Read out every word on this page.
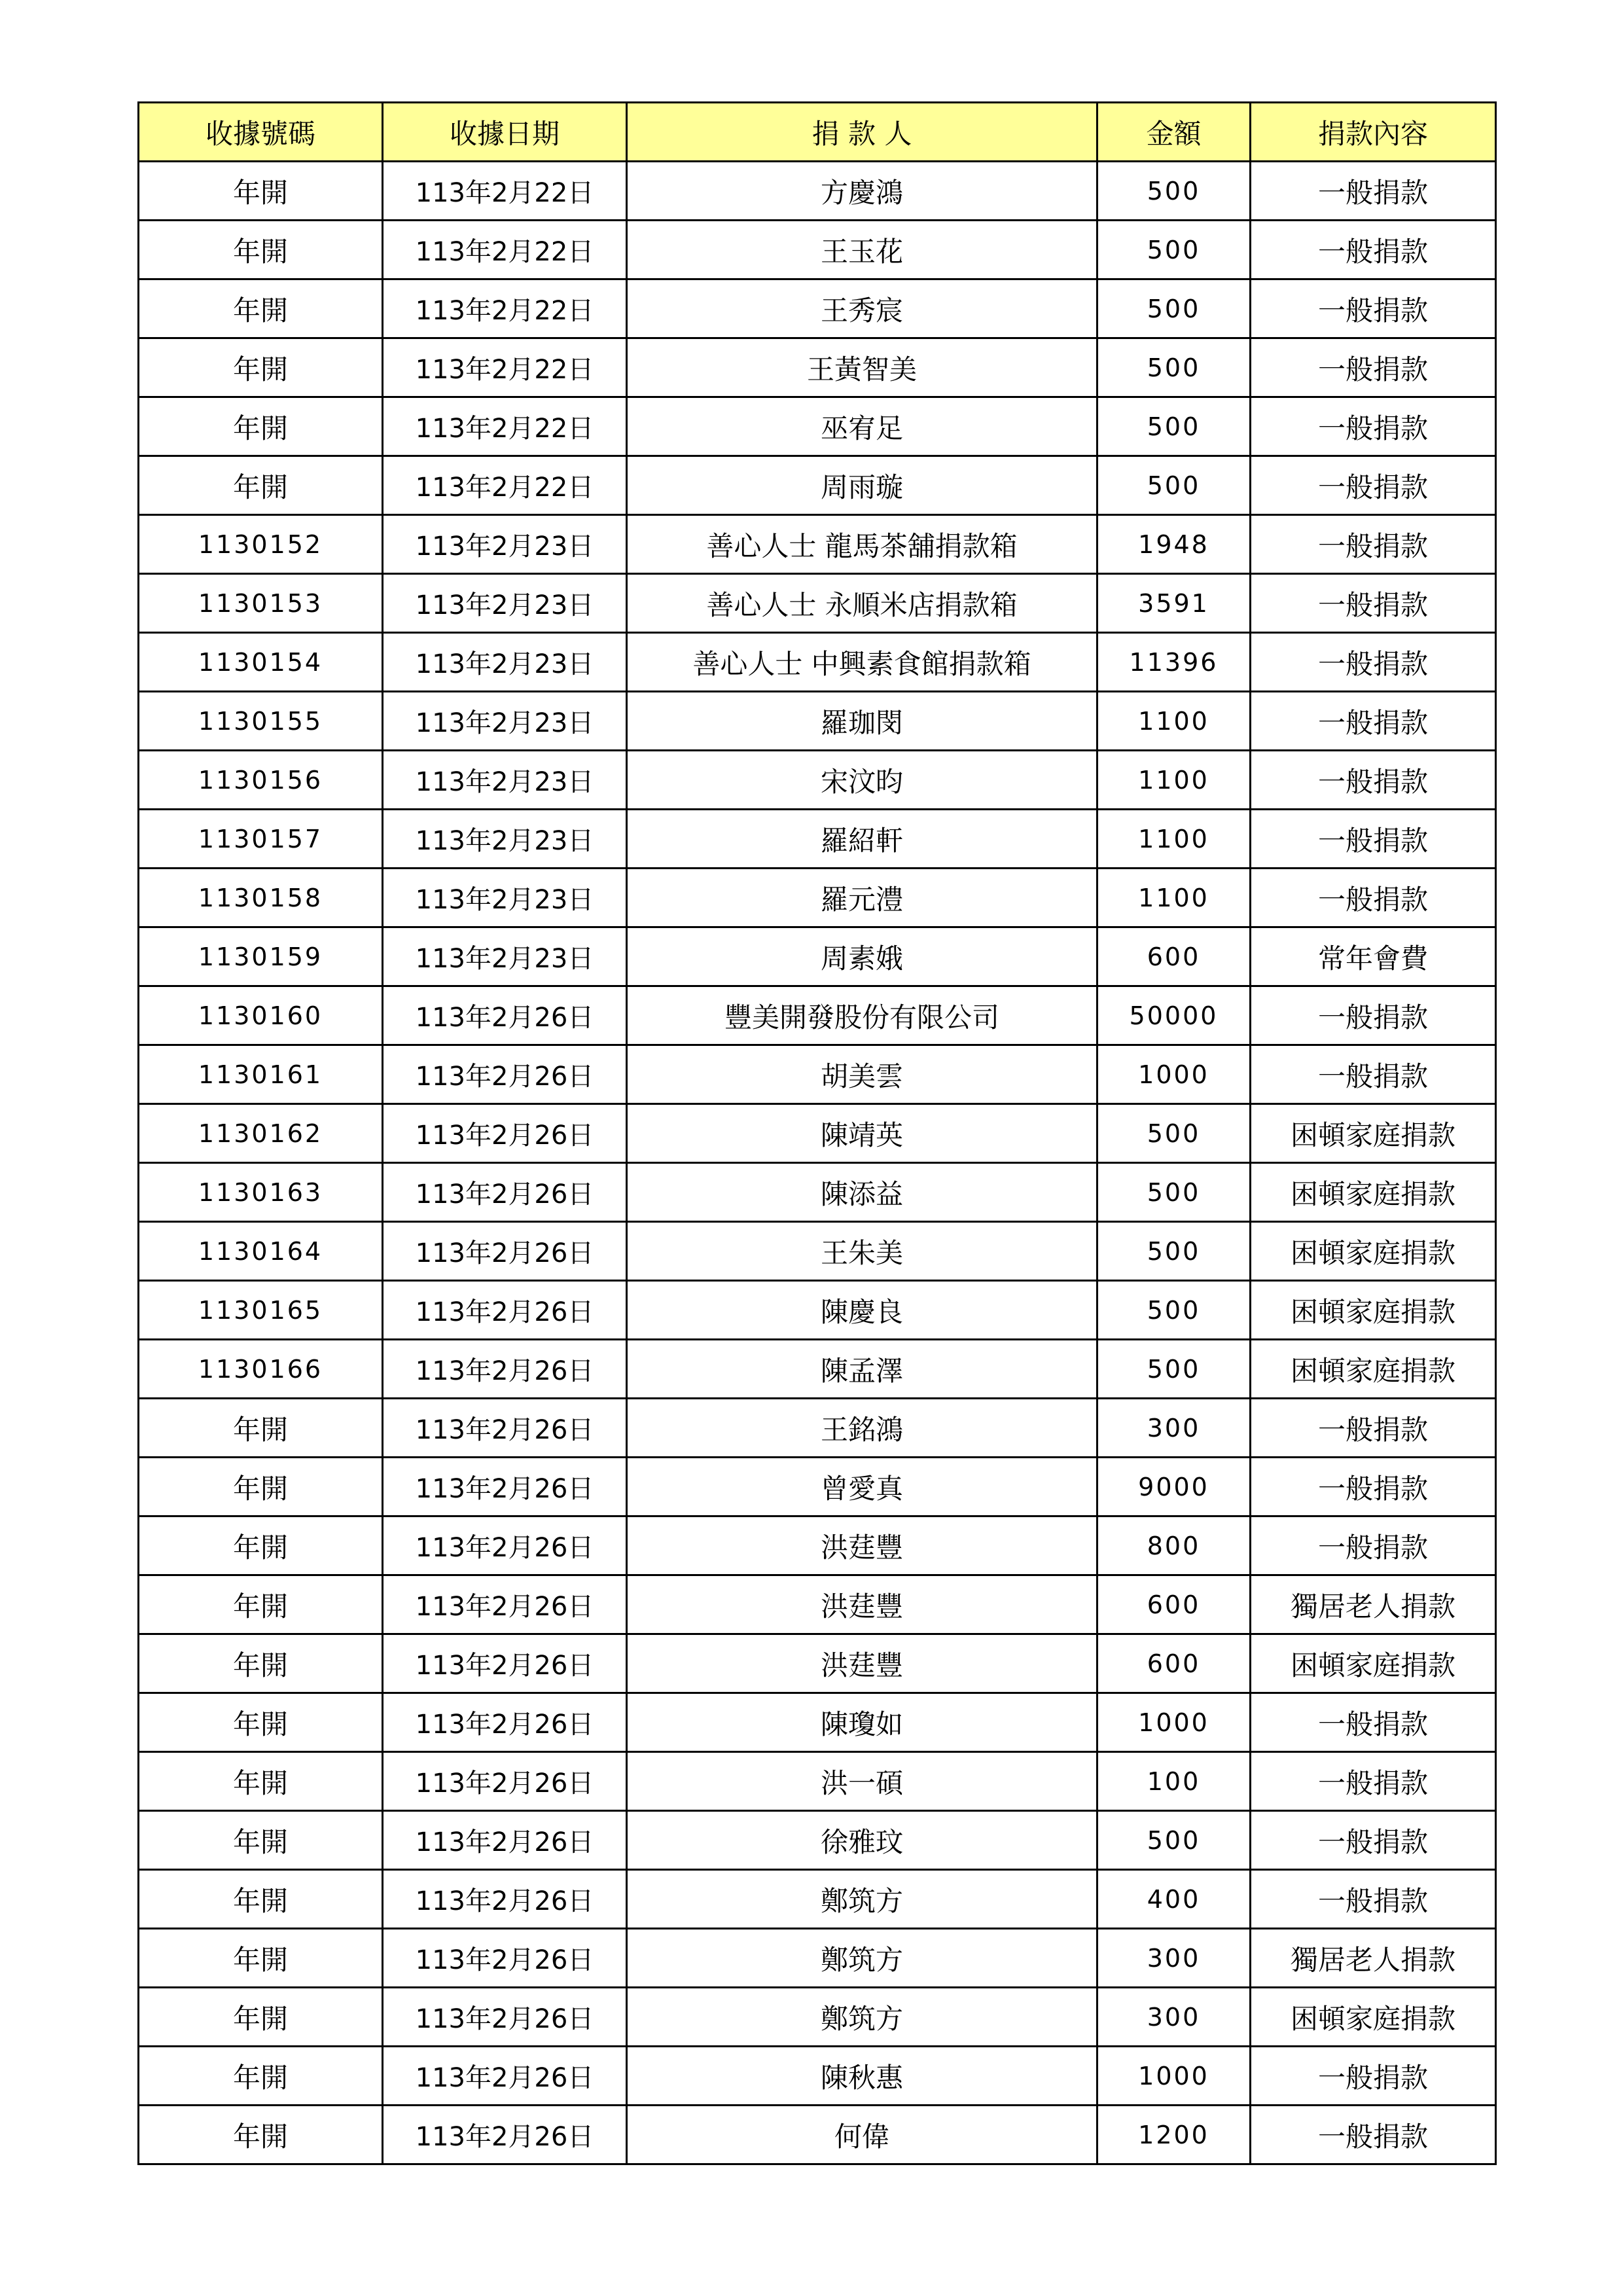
收據號碼	收據日期	捐 款 人	金額	捐款內容
年開	113年2月22日	方慶鴻	500	一般捐款
年開	113年2月22日	王玉花	500	一般捐款
年開	113年2月22日	王秀宸	500	一般捐款
年開	113年2月22日	王黃智美	500	一般捐款
年開	113年2月22日	巫宥足	500	一般捐款
年開	113年2月22日	周雨璇	500	一般捐款
1130152	113年2月23日	善心人士 龍馬茶舖捐款箱	1948	一般捐款
1130153	113年2月23日	善心人士 永順米店捐款箱	3591	一般捐款
1130154	113年2月23日	善心人士 中興素食館捐款箱	11396	一般捐款
1130155	113年2月23日	羅珈閔	1100	一般捐款
1130156	113年2月23日	宋汶昀	1100	一般捐款
1130157	113年2月23日	羅紹軒	1100	一般捐款
1130158	113年2月23日	羅元澧	1100	一般捐款
1130159	113年2月23日	周素娥	600	常年會費
1130160	113年2月26日	豐美開發股份有限公司	50000	一般捐款
1130161	113年2月26日	胡美雲	1000	一般捐款
1130162	113年2月26日	陳靖英	500	困頓家庭捐款
1130163	113年2月26日	陳添益	500	困頓家庭捐款
1130164	113年2月26日	王朱美	500	困頓家庭捐款
1130165	113年2月26日	陳慶良	500	困頓家庭捐款
1130166	113年2月26日	陳孟澤	500	困頓家庭捐款
年開	113年2月26日	王銘鴻	300	一般捐款
年開	113年2月26日	曾愛真	9000	一般捐款
年開	113年2月26日	洪莛豐	800	一般捐款
年開	113年2月26日	洪莛豐	600	獨居老人捐款
年開	113年2月26日	洪莛豐	600	困頓家庭捐款
年開	113年2月26日	陳瓊如	1000	一般捐款
年開	113年2月26日	洪一碩	100	一般捐款
年開	113年2月26日	徐雅玟	500	一般捐款
年開	113年2月26日	鄭筑方	400	一般捐款
年開	113年2月26日	鄭筑方	300	獨居老人捐款
年開	113年2月26日	鄭筑方	300	困頓家庭捐款
年開	113年2月26日	陳秋惠	1000	一般捐款
年開	113年2月26日	何偉	1200	一般捐款
